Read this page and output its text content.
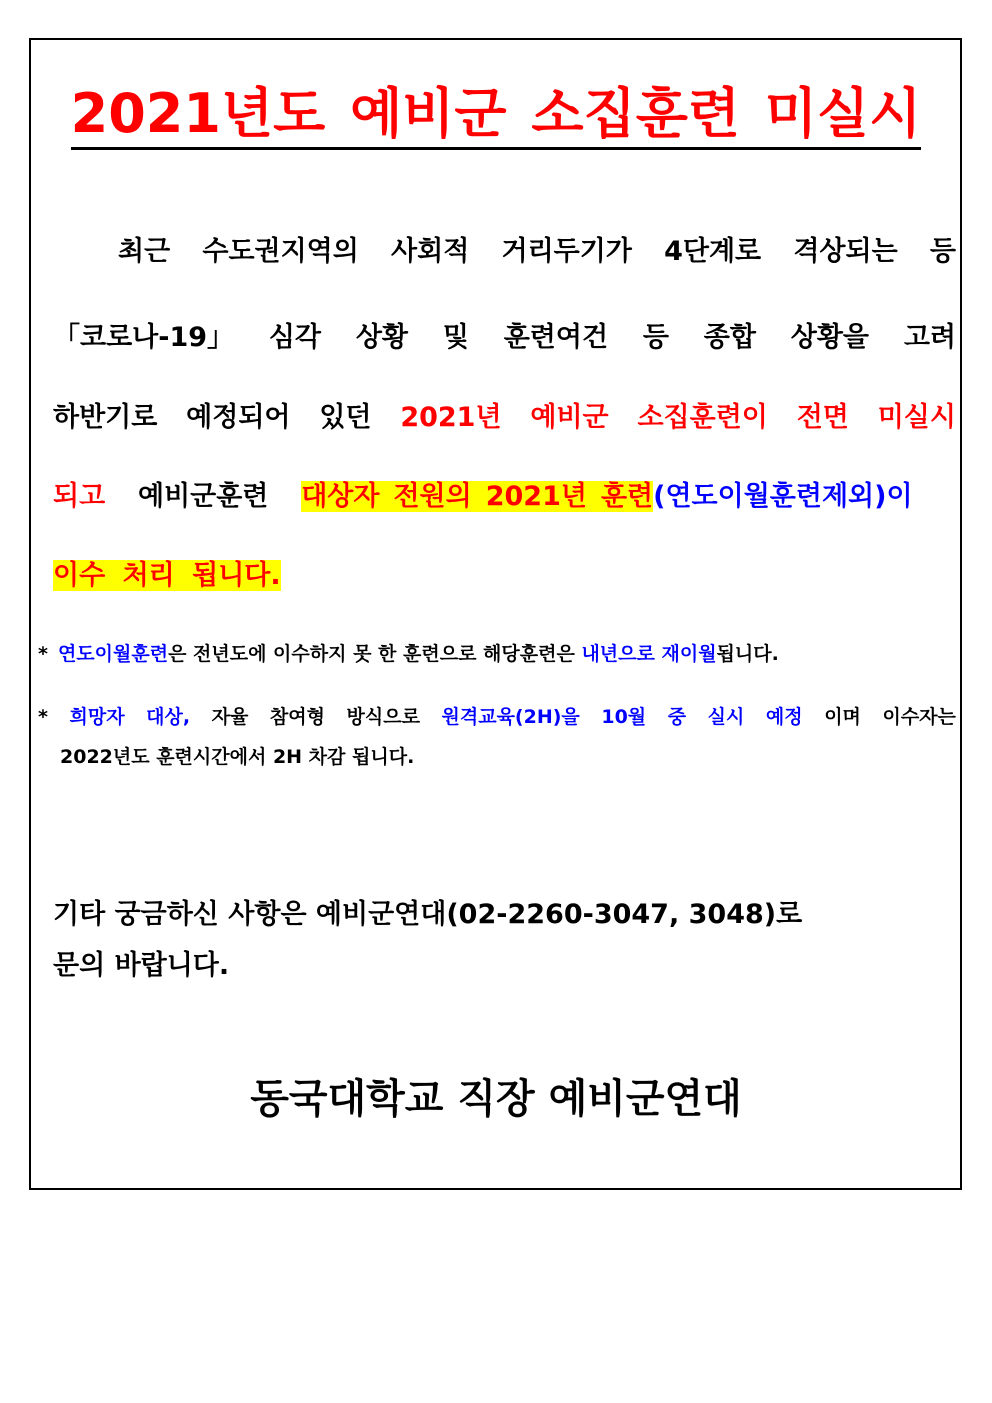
2021년도 예비군 소집훈련 미실시
최근 수도권지역의 사회적 거리두기가 4단계로 격상되는 등
「코로나-19」 심각 상황 및 훈련여건 등 종합 상황을 고려
하반기로 예정되어 있던 2021년 예비군 소집훈련이 전면 미실시
되고 예비군훈련 대상자 전원의 2021년 훈련(연도이월훈련제외)이
이수 처리 됩니다.
* 연도이월훈련은 전년도에 이수하지 못 한 훈련으로 해당훈련은 내년으로 재이월됩니다.
* 희망자 대상, 자율 참여형 방식으로 원격교육(2H)을 10월 중 실시 예정 이며 이수자는
2022년도 훈련시간에서 2H 차감 됩니다.
기타 궁금하신 사항은 예비군연대(02-2260-3047, 3048)로
문의 바랍니다.
동국대학교 직장 예비군연대
